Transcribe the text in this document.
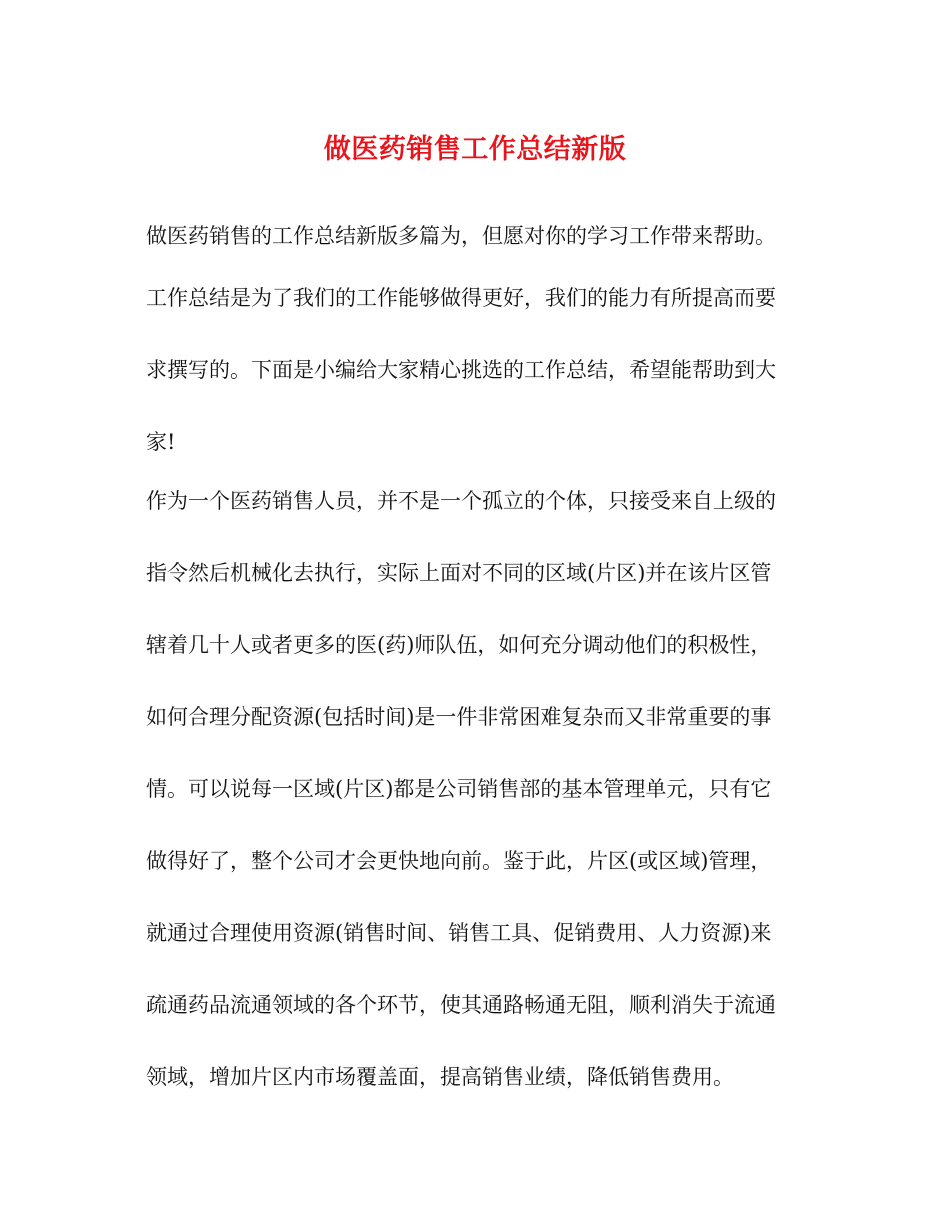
做医药销售工作总结新版
做医药销售的工作总结新版多篇为，但愿对你的学习工作带来帮助。
工作总结是为了我们的工作能够做得更好，我们的能力有所提高而要
求撰写的。下面是小编给大家精心挑选的工作总结，希望能帮助到大
家!
作为一个医药销售人员，并不是一个孤立的个体，只接受来自上级的
指令然后机械化去执行，实际上面对不同的区域(片区)并在该片区管
辖着几十人或者更多的医(药)师队伍，如何充分调动他们的积极性，
如何合理分配资源(包括时间)是一件非常困难复杂而又非常重要的事
情。可以说每一区域(片区)都是公司销售部的基本管理单元，只有它
做得好了，整个公司才会更快地向前。鉴于此，片区(或区域)管理，
就通过合理使用资源(销售时间、销售工具、促销费用、人力资源)来
疏通药品流通领域的各个环节，使其通路畅通无阻，顺利消失于流通
领域，增加片区内市场覆盖面，提高销售业绩，降低销售费用。
